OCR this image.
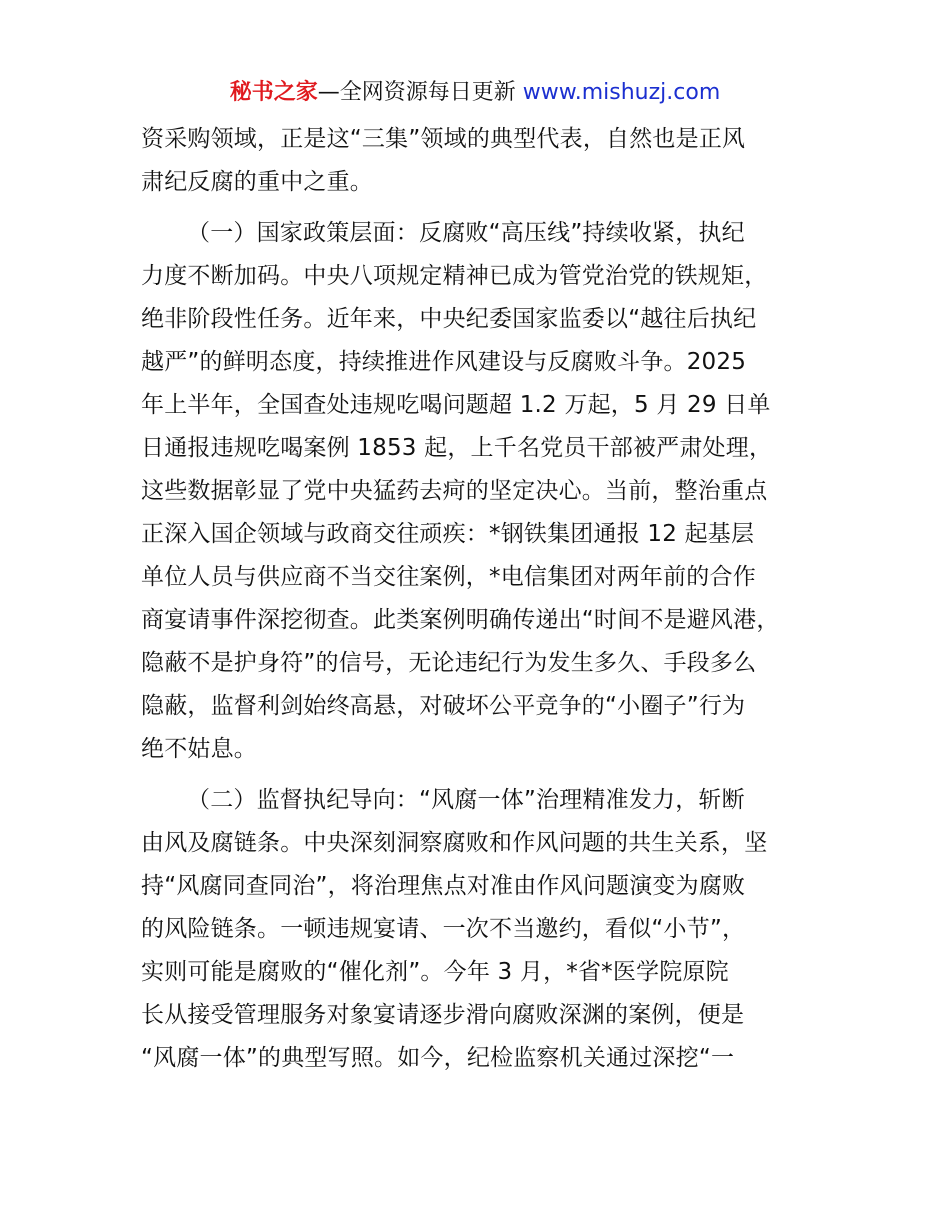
秘书之家—全网资源每日更新 www.mishuzj.com
资采购领域，正是这“三集”领域的典型代表，自然也是正风
肃纪反腐的重中之重。
（一）国家政策层面：反腐败“高压线”持续收紧，执纪
力度不断加码。中央八项规定精神已成为管党治党的铁规矩，
绝非阶段性任务。近年来，中央纪委国家监委以“越往后执纪
越严”的鲜明态度，持续推进作风建设与反腐败斗争。2025
年上半年，全国查处违规吃喝问题超 1.2 万起，5 月 29 日单
日通报违规吃喝案例 1853 起，上千名党员干部被严肃处理，
这些数据彰显了党中央猛药去疴的坚定决心。当前，整治重点
正深入国企领域与政商交往顽疾：*钢铁集团通报 12 起基层
单位人员与供应商不当交往案例，*电信集团对两年前的合作
商宴请事件深挖彻查。此类案例明确传递出“时间不是避风港，
隐蔽不是护身符”的信号，无论违纪行为发生多久、手段多么
隐蔽，监督利剑始终高悬，对破坏公平竞争的“小圈子”行为
绝不姑息。
（二）监督执纪导向：“风腐一体”治理精准发力，斩断
由风及腐链条。中央深刻洞察腐败和作风问题的共生关系，坚
持“风腐同查同治”，将治理焦点对准由作风问题演变为腐败
的风险链条。一顿违规宴请、一次不当邀约，看似“小节”，
实则可能是腐败的“催化剂”。今年 3 月，*省*医学院原院
长从接受管理服务对象宴请逐步滑向腐败深渊的案例，便是
“风腐一体”的典型写照。如今，纪检监察机关通过深挖“一
